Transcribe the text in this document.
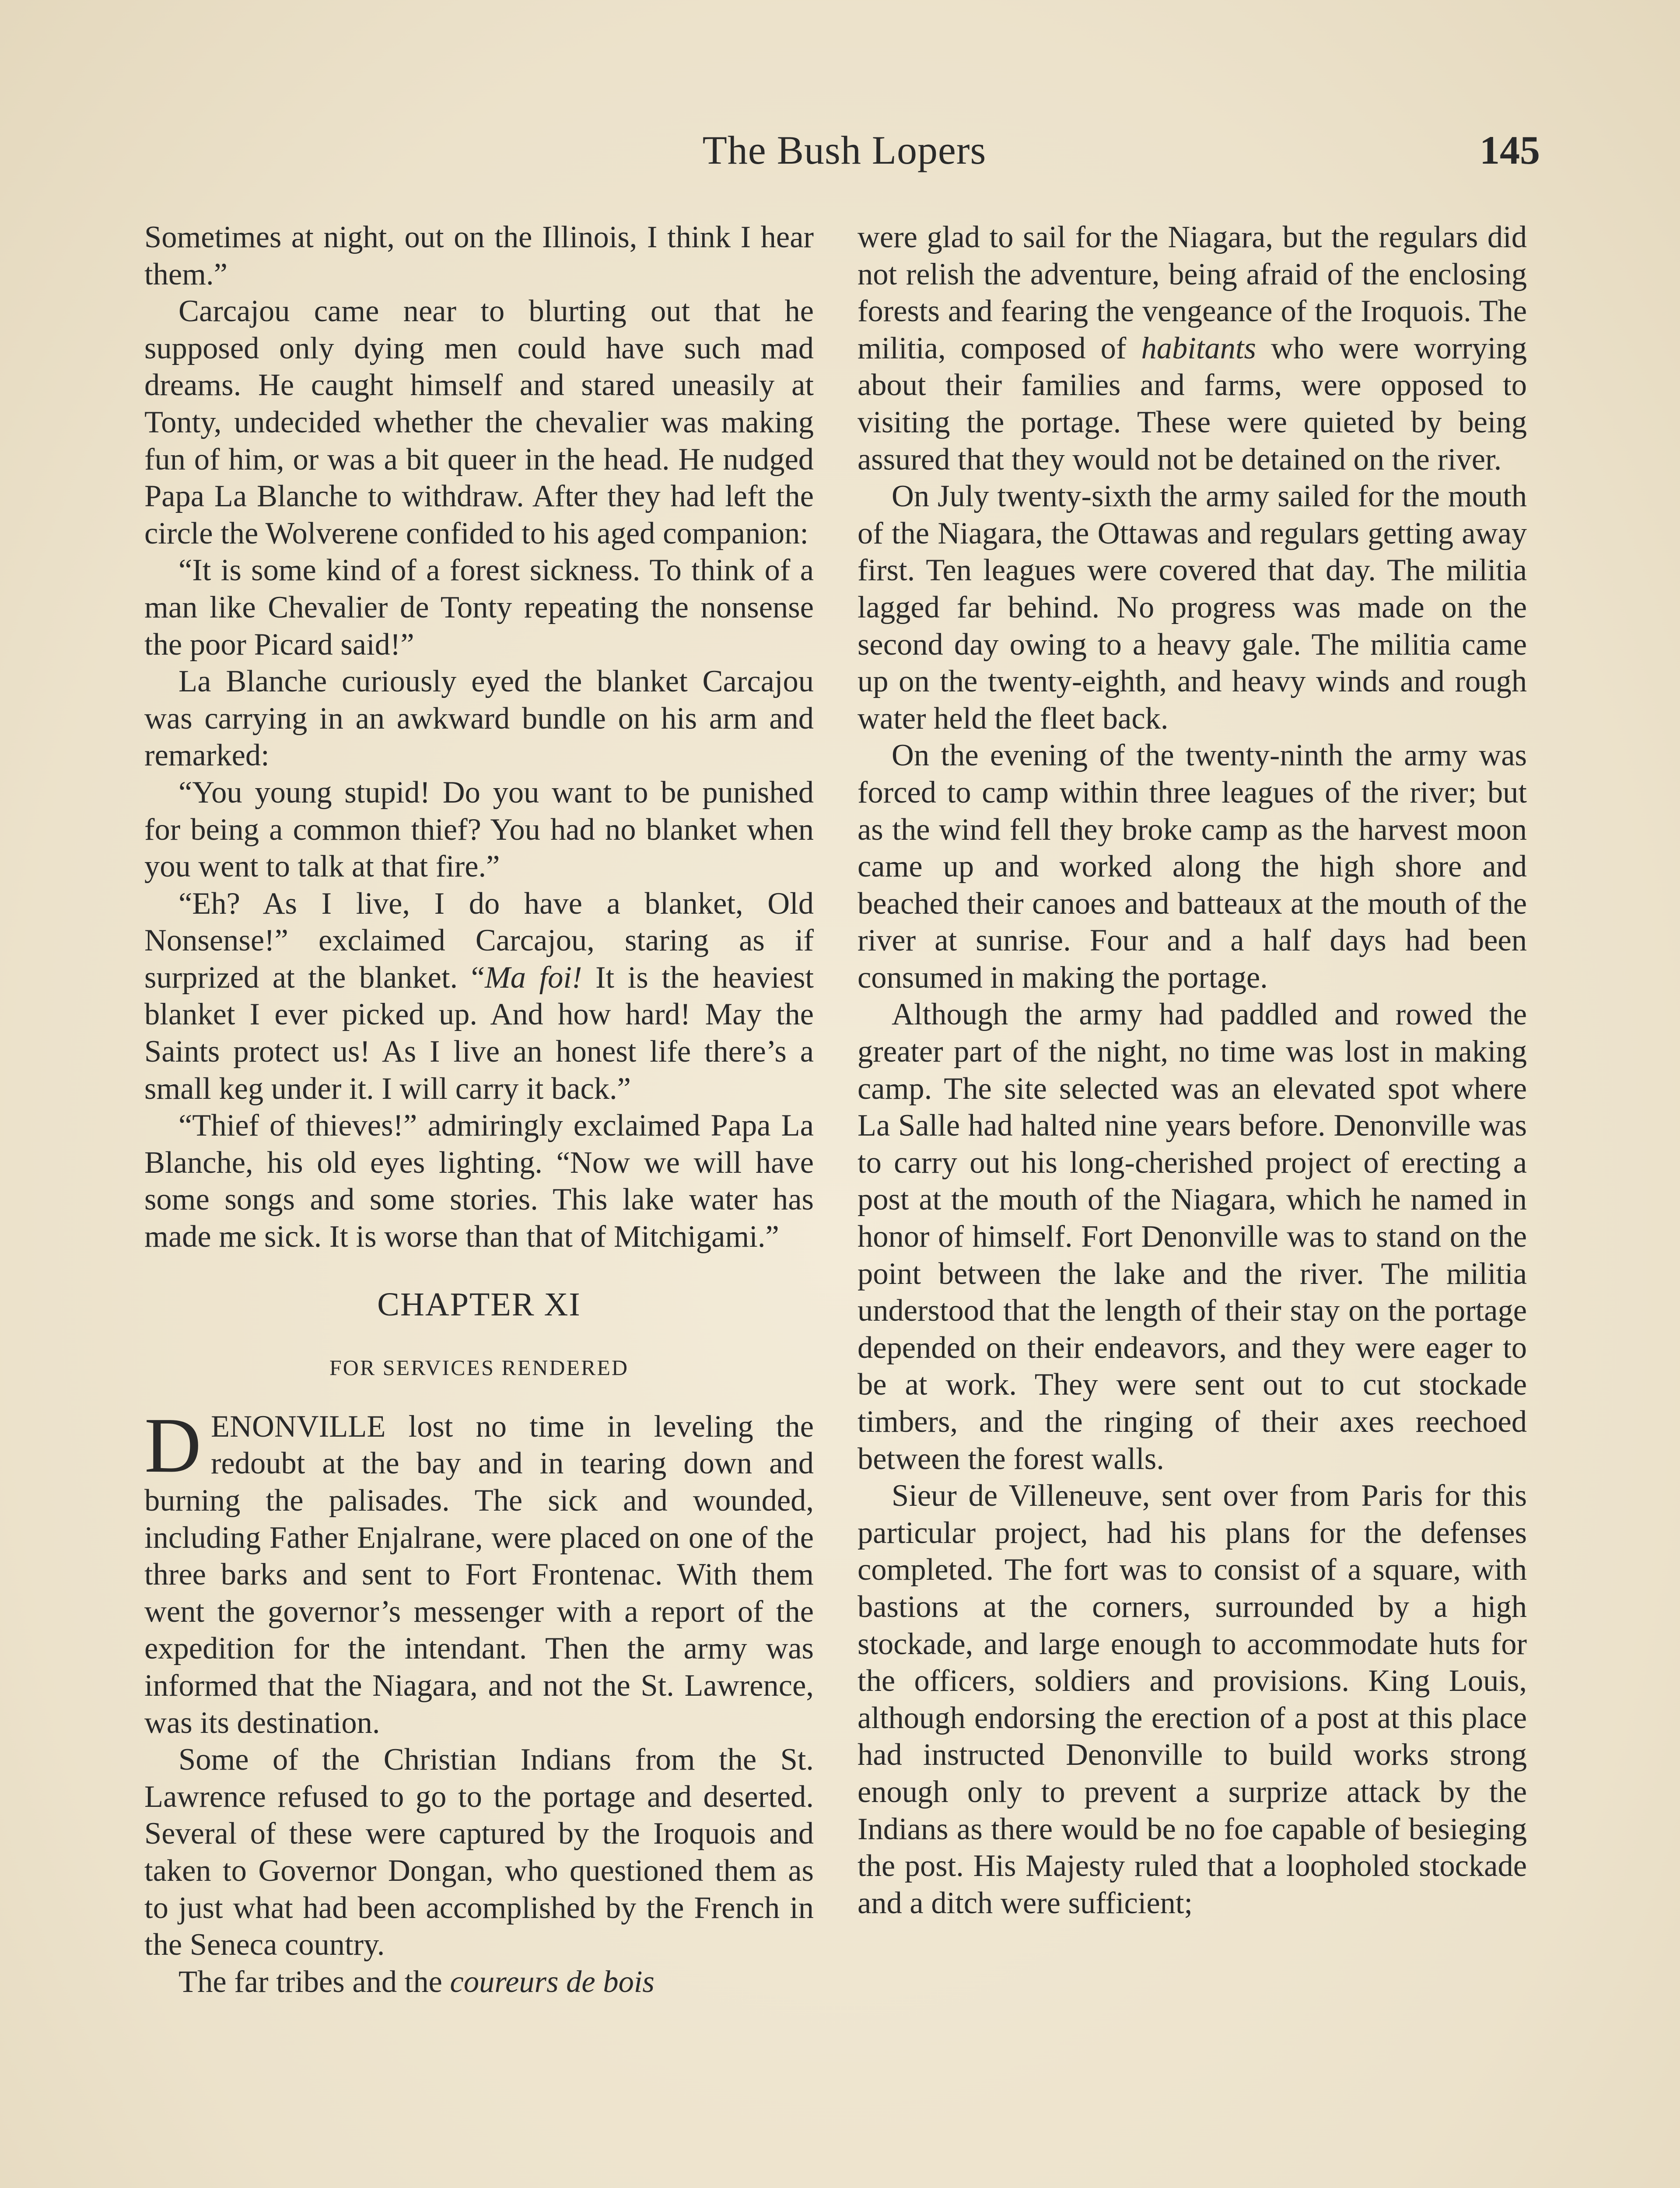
The Bush Lopers	145

Sometimes at night, out on the Illinois, I think I hear them.”

Carcajou came near to blurting out that he supposed only dying men could have such mad dreams. He caught himself and stared uneasily at Tonty, undecided whether the chevalier was making fun of him, or was a bit queer in the head. He nudged Papa La Blanche to withdraw. After they had left the circle the Wolverene confided to his aged companion:

“It is some kind of a forest sickness. To think of a man like Chevalier de Tonty repeating the nonsense the poor Picard said!”

La Blanche curiously eyed the blanket Carcajou was carrying in an awkward bundle on his arm and remarked:

“You young stupid! Do you want to be punished for being a common thief? You had no blanket when you went to talk at that fire.”

“Eh? As I live, I do have a blanket, Old Nonsense!” exclaimed Carcajou, staring as if surprized at the blanket. “Ma foi! It is the heaviest blanket I ever picked up. And how hard! May the Saints protect us! As I live an honest life there’s a small keg under it. I will carry it back.”

“Thief of thieves!” admiringly exclaimed Papa La Blanche, his old eyes lighting. “Now we will have some songs and some stories. This lake water has made me sick. It is worse than that of Mitchigami.”

CHAPTER XI
FOR SERVICES RENDERED

DENONVILLE lost no time in leveling the redoubt at the bay and in tearing down and burning the palisades. The sick and wounded, including Father Enjalrane, were placed on one of the three barks and sent to Fort Frontenac. With them went the governor’s messenger with a report of the expedition for the intendant. Then the army was informed that the Niagara, and not the St. Lawrence, was its destination.

Some of the Christian Indians from the St. Lawrence refused to go to the portage and deserted. Several of these were captured by the Iroquois and taken to Governor Dongan, who questioned them as to just what had been accomplished by the French in the Seneca country.

The far tribes and the coureurs de bois

were glad to sail for the Niagara, but the regulars did not relish the adventure, being afraid of the enclosing forests and fearing the vengeance of the Iroquois. The militia, composed of habitants who were worrying about their families and farms, were opposed to visiting the portage. These were quieted by being assured that they would not be detained on the river.

On July twenty-sixth the army sailed for the mouth of the Niagara, the Ottawas and regulars getting away first. Ten leagues were covered that day. The militia lagged far behind. No progress was made on the second day owing to a heavy gale. The militia came up on the twenty-eighth, and heavy winds and rough water held the fleet back.

On the evening of the twenty-ninth the army was forced to camp within three leagues of the river; but as the wind fell they broke camp as the harvest moon came up and worked along the high shore and beached their canoes and batteaux at the mouth of the river at sunrise. Four and a half days had been consumed in making the portage.

Although the army had paddled and rowed the greater part of the night, no time was lost in making camp. The site selected was an elevated spot where La Salle had halted nine years before. Denonville was to carry out his long-cherished project of erecting a post at the mouth of the Niagara, which he named in honor of himself. Fort Denonville was to stand on the point between the lake and the river. The militia understood that the length of their stay on the portage depended on their endeavors, and they were eager to be at work. They were sent out to cut stockade timbers, and the ringing of their axes reechoed between the forest walls.

Sieur de Villeneuve, sent over from Paris for this particular project, had his plans for the defenses completed. The fort was to consist of a square, with bastions at the corners, surrounded by a high stockade, and large enough to accommodate huts for the officers, soldiers and provisions. King Louis, although endorsing the erection of a post at this place had instructed Denonville to build works strong enough only to prevent a surprize attack by the Indians as there would be no foe capable of besieging the post. His Majesty ruled that a loopholed stockade and a ditch were sufficient;
